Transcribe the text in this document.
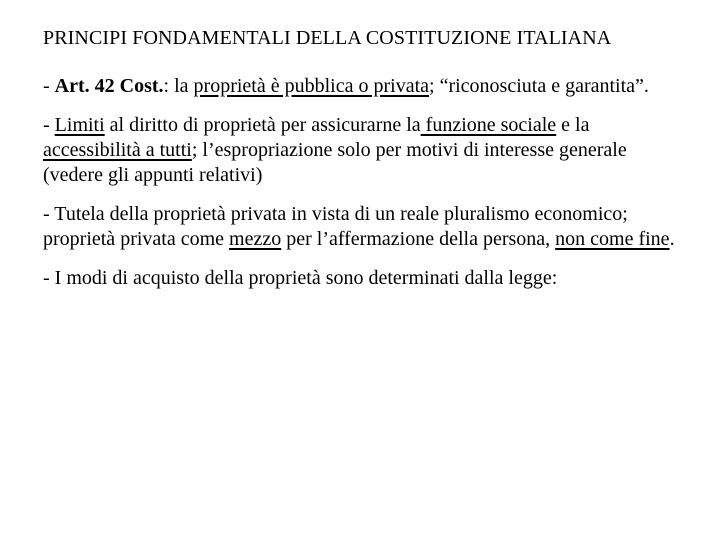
PRINCIPI FONDAMENTALI DELLA COSTITUZIONE ITALIANA
- Art. 42 Cost.: la proprietà è pubblica o privata; “riconosciuta e garantita”.
- Limiti al diritto di proprietà per assicurarne la funzione sociale e la accessibilità a tutti; l’espropriazione solo per motivi di interesse generale (vedere gli appunti relativi)
- Tutela della proprietà privata in vista di un reale pluralismo economico; proprietà privata come mezzo per l’affermazione della persona, non come fine.
- I modi di acquisto della proprietà sono determinati dalla legge:
